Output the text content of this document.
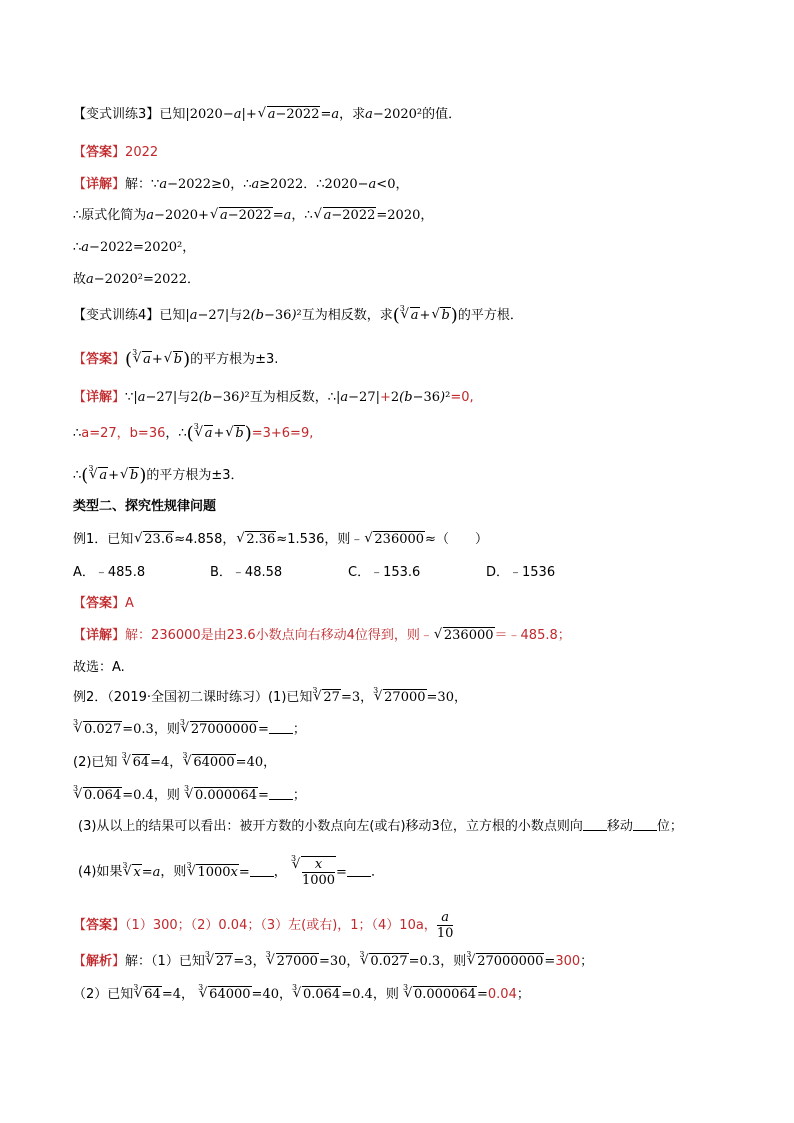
【变式训练3】已知|2020−a|+ √ a−2022=a，求a−2020²的值．
【答案】2022
【详解】解：∵a−2022≥0，∴a≥2022．∴2020−a<0，
∴原式化简为a−2020+ √ a−2022=a，∴ √ a−2022=2020，
∴a−2022=2020²，
故a−2020²=2022．
【变式训练4】已知|a−27|与2(b−36)²互为相反数，求( √ 3 a+ √ b)的平方根．
【答案】( √ 3 a+ √ b)的平方根为±3.
【详解】∵|a−27|与2(b−36)²互为相反数，∴|a−27|+2(b−36)²=0,
∴a=27，b=36，∴( √ 3 a+ √ b)=3+6=9,
∴( √ 3 a+ √ b)的平方根为±3．
类型二、探究性规律问题
例1．已知 √ 23.6≈4.858， √ 2.36≈1.536，则﹣ √ 236000≈（　　）
A．﹣485.8	B．﹣48.58	C．﹣153.6	D．﹣1536
【答案】A
【详解】解：236000是由23.6小数点向右移动4位得到，则﹣ √ 236000＝﹣485.8；
故选：A.
例2．（2019·全国初二课时练习）(1)已知 √ 3 27=3， √ 3 27000=30，
√ 3 0.027=0.3，则 √ 3 27000000= ；
(2)已知 √ 3 64=4， √ 3 64000=40，
√ 3 0.064=0.4，则 √ 3 0.000064= ；
(3)从以上的结果可以看出：被开方数的小数点向左(或右)移动3位，立方根的小数点则向 移动 位；
(4)如果 √ 3 x=a，则 √ 3 1000x= ，
√ $3 \frac{x}{1000}$ = ．
【答案】（1）300；（2）0.04；（3）左(或右)，1；（4）10a， $\frac{a}{10}$
【解析】解：（1）已知 √ 3 27=3， √ 3 27000=30， √ 3 0.027=0.3，则 √ 3 27000000=300；
（2）已知 √ 3 64=4， √ 3 64000=40， √ 3 0.064=0.4，则 √ 3 0.000064=0.04；
